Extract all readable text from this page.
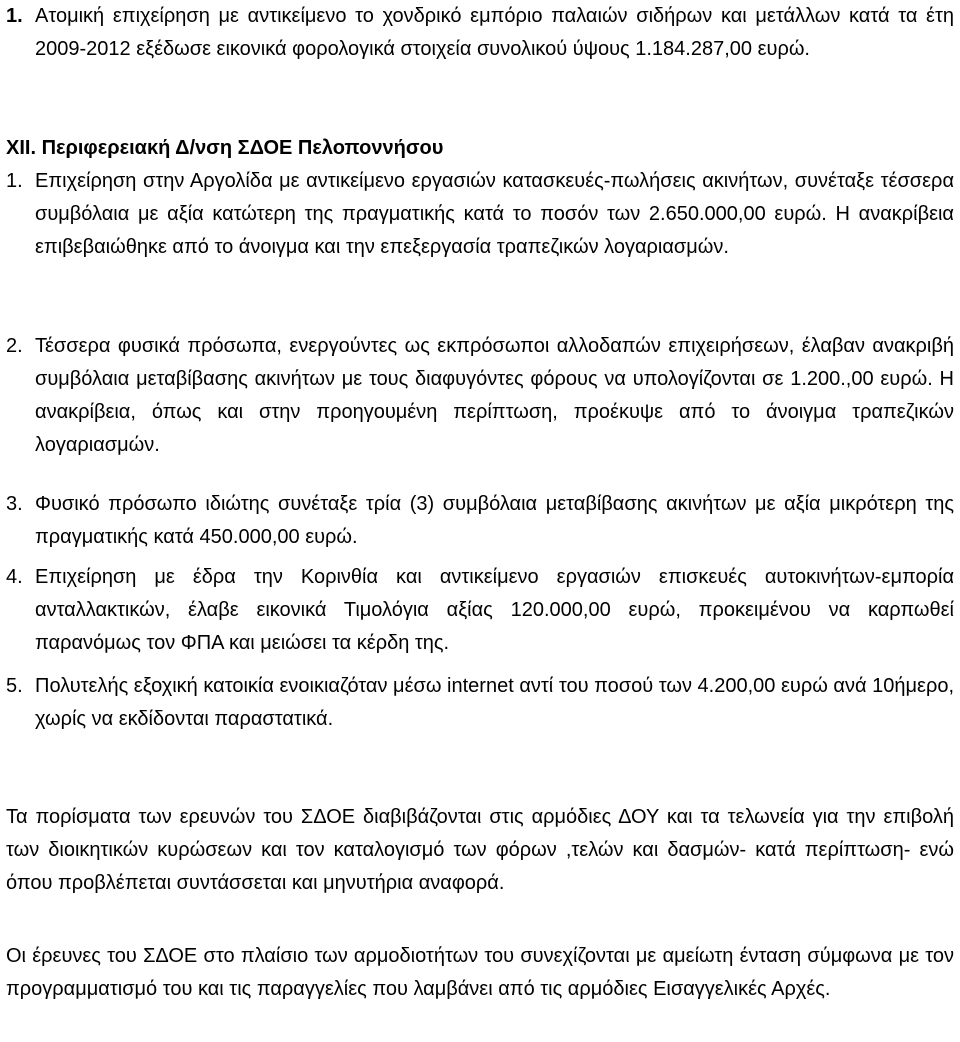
1. Ατομική επιχείρηση με αντικείμενο το χονδρικό εμπόριο παλαιών σιδήρων και μετάλλων κατά τα έτη 2009-2012 εξέδωσε εικονικά φορολογικά στοιχεία συνολικού ύψους 1.184.287,00 ευρώ.
XII. Περιφερειακή Δ/νση ΣΔΟΕ Πελοποννήσου
1. Επιχείρηση στην Αργολίδα με αντικείμενο εργασιών κατασκευές-πωλήσεις ακινήτων, συνέταξε τέσσερα συμβόλαια με αξία κατώτερη της πραγματικής κατά το ποσόν των 2.650.000,00 ευρώ. Η ανακρίβεια επιβεβαιώθηκε από το άνοιγμα και την επεξεργασία τραπεζικών λογαριασμών.
2. Τέσσερα φυσικά πρόσωπα, ενεργούντες ως εκπρόσωποι αλλοδαπών επιχειρήσεων, έλαβαν ανακριβή συμβόλαια μεταβίβασης ακινήτων με τους διαφυγόντες φόρους να υπολογίζονται σε 1.200.,00 ευρώ. Η ανακρίβεια, όπως και στην προηγουμένη περίπτωση, προέκυψε από το άνοιγμα τραπεζικών λογαριασμών.
3. Φυσικό πρόσωπο ιδιώτης συνέταξε τρία (3) συμβόλαια μεταβίβασης ακινήτων με αξία μικρότερη της πραγματικής κατά 450.000,00 ευρώ.
4. Επιχείρηση με έδρα την Κορινθία και αντικείμενο εργασιών επισκευές αυτοκινήτων-εμπορία ανταλλακτικών, έλαβε εικονικά Τιμολόγια αξίας 120.000,00 ευρώ, προκειμένου να καρπωθεί παρανόμως τον ΦΠΑ και μειώσει τα κέρδη της.
5. Πολυτελής εξοχική κατοικία ενοικιαζόταν μέσω internet αντί του ποσού των 4.200,00 ευρώ ανά 10ήμερο, χωρίς να εκδίδονται παραστατικά.
Τα πορίσματα των ερευνών του ΣΔΟΕ διαβιβάζονται στις αρμόδιες ΔΟΥ και τα τελωνεία για την επιβολή των διοικητικών κυρώσεων και τον καταλογισμό των φόρων ,τελών και δασμών- κατά περίπτωση- ενώ όπου προβλέπεται συντάσσεται και μηνυτήρια αναφορά.
Οι έρευνες του ΣΔΟΕ στο πλαίσιο των αρμοδιοτήτων του συνεχίζονται με αμείωτη ένταση σύμφωνα με τον προγραμματισμό του και τις παραγγελίες που λαμβάνει από τις αρμόδιες Εισαγγελικές Αρχές.
